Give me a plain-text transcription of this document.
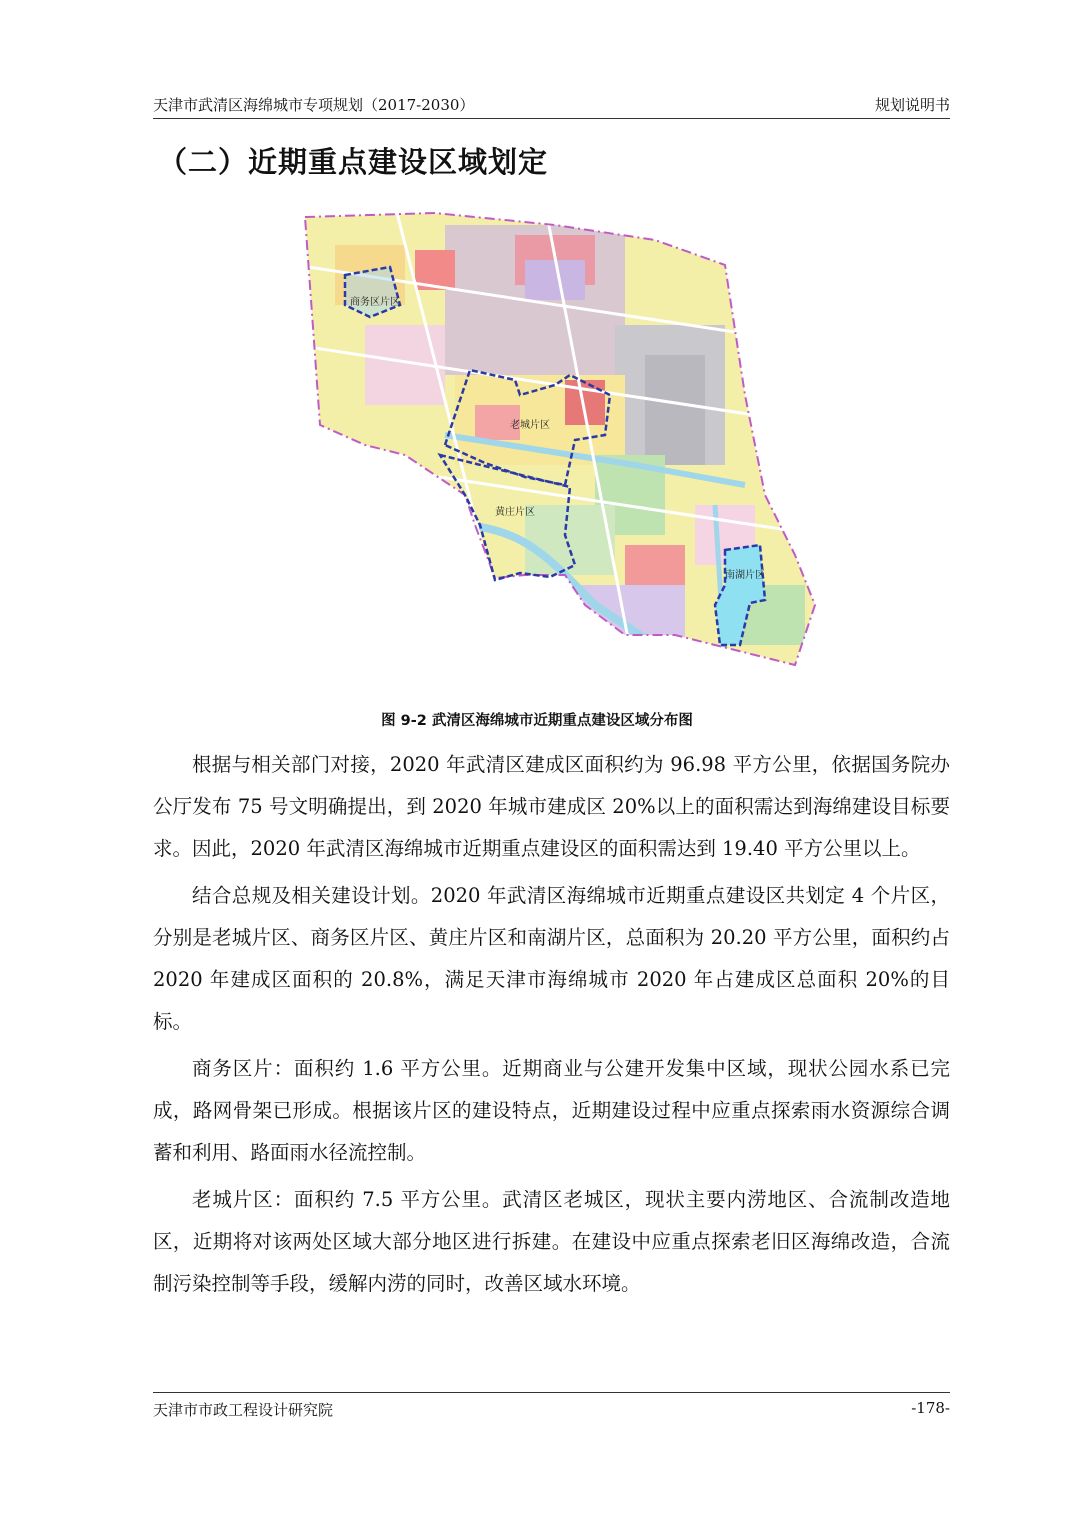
天津市武清区海绵城市专项规划（2017-2030）	规划说明书
（二）近期重点建设区域划定
商务区片区
老城片区
黄庄片区
南湖片区
图 9-2 武清区海绵城市近期重点建设区域分布图

根据与相关部门对接，2020 年武清区建成区面积约为 96.98 平方公里，依据国务院办公厅发布 75 号文明确提出，到 2020 年城市建成区 20%以上的面积需达到海绵建设目标要求。因此，2020 年武清区海绵城市近期重点建设区的面积需达到 19.40 平方公里以上。

结合总规及相关建设计划。2020 年武清区海绵城市近期重点建设区共划定 4 个片区，分别是老城片区、商务区片区、黄庄片区和南湖片区，总面积为 20.20 平方公里，面积约占 2020 年建成区面积的 20.8%，满足天津市海绵城市 2020 年占建成区总面积 20%的目标。

商务区片：面积约 1.6 平方公里。近期商业与公建开发集中区域，现状公园水系已完成，路网骨架已形成。根据该片区的建设特点，近期建设过程中应重点探索雨水资源综合调蓄和利用、路面雨水径流控制。

老城片区：面积约 7.5 平方公里。武清区老城区，现状主要内涝地区、合流制改造地区，近期将对该两处区域大部分地区进行拆建。在建设中应重点探索老旧区海绵改造，合流制污染控制等手段，缓解内涝的同时，改善区域水环境。

天津市市政工程设计研究院	-178-
